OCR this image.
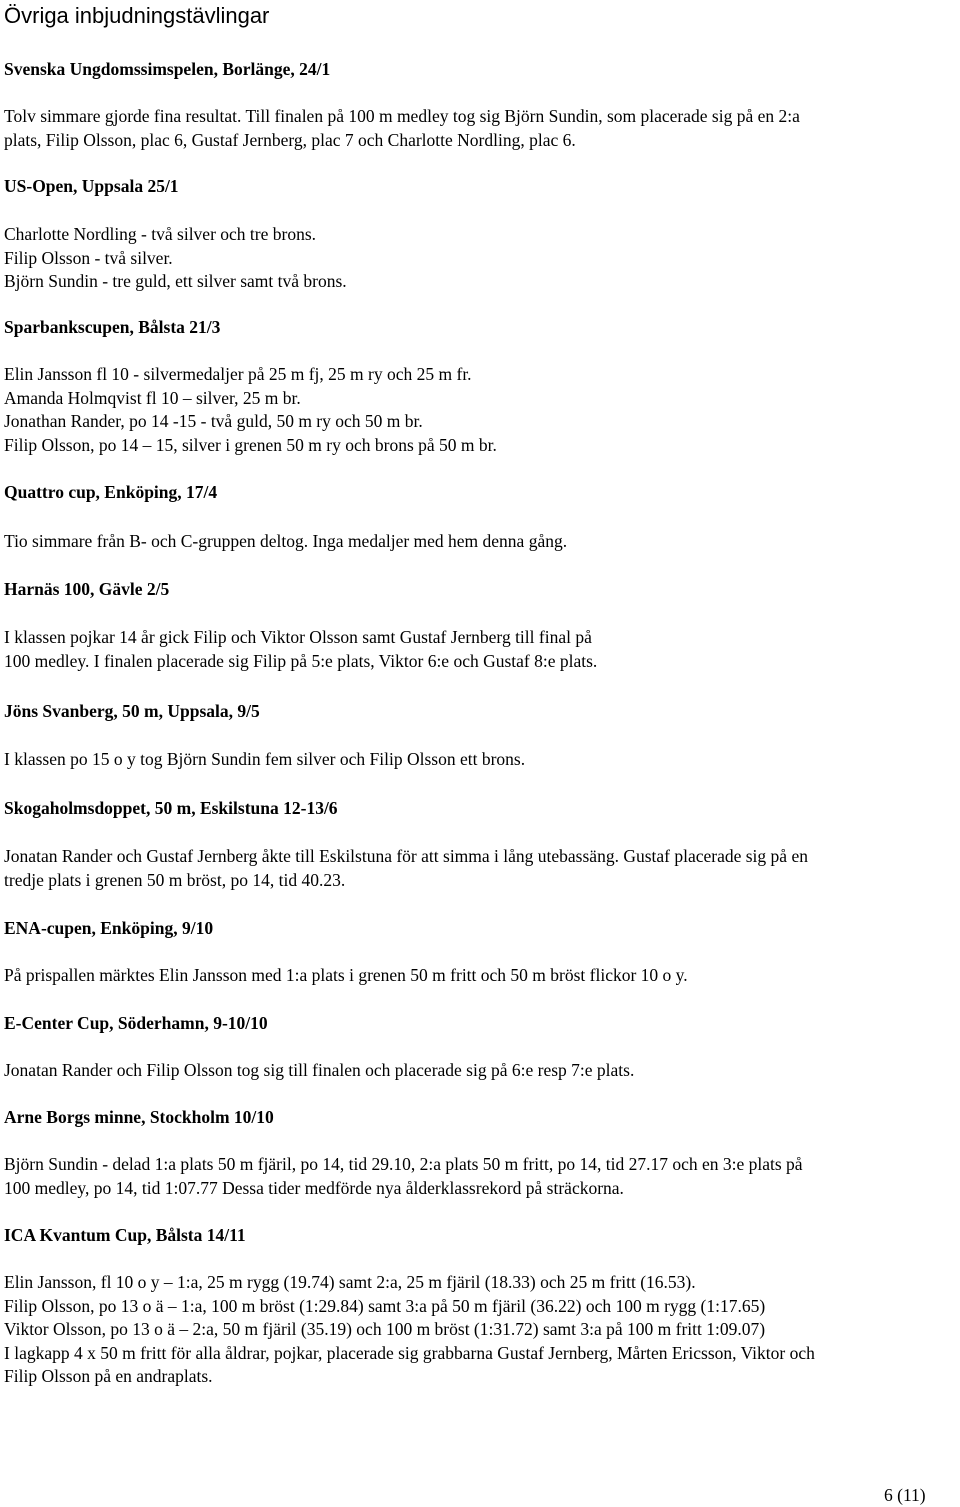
Övriga inbjudningstävlingar
Svenska Ungdomssimspelen, Borlänge, 24/1

Tolv simmare gjorde fina resultat. Till finalen på 100 m medley tog sig Björn Sundin, som placerade sig på en 2:a
plats, Filip Olsson, plac 6, Gustaf Jernberg, plac 7 och Charlotte Nordling, plac 6.

US-Open, Uppsala 25/1

Charlotte Nordling - två silver och tre brons.
Filip Olsson - två silver.
Björn Sundin - tre guld, ett silver samt två brons.

Sparbankscupen, Bålsta 21/3

Elin Jansson fl 10 - silvermedaljer på 25 m fj, 25 m ry och 25 m fr.
Amanda Holmqvist fl 10 – silver, 25 m br.
Jonathan Rander, po 14 -15 - två guld, 50 m ry och 50 m br.
Filip Olsson, po 14 – 15, silver i grenen 50 m ry och brons på 50 m br.

Quattro cup, Enköping, 17/4

Tio simmare från B- och C-gruppen deltog. Inga medaljer med hem denna gång.

Harnäs 100, Gävle 2/5

I klassen pojkar 14 år gick Filip och Viktor Olsson samt Gustaf Jernberg till final på
100 medley. I finalen placerade sig Filip på 5:e plats, Viktor 6:e och Gustaf 8:e plats.

Jöns Svanberg, 50 m, Uppsala, 9/5

I klassen po 15 o y tog Björn Sundin fem silver och Filip Olsson ett brons.

Skogaholmsdoppet, 50 m, Eskilstuna 12-13/6

Jonatan Rander och Gustaf Jernberg åkte till Eskilstuna för att simma i lång utebassäng. Gustaf placerade sig på en
tredje plats i grenen 50 m bröst, po 14, tid 40.23.

ENA-cupen, Enköping, 9/10

På prispallen märktes Elin Jansson med 1:a plats i grenen 50 m fritt och 50 m bröst flickor 10 o y.

E-Center Cup, Söderhamn, 9-10/10

Jonatan Rander och Filip Olsson tog sig till finalen och placerade sig på 6:e resp 7:e plats.

Arne Borgs minne, Stockholm 10/10

Björn Sundin - delad 1:a plats 50 m fjäril, po 14, tid 29.10, 2:a plats 50 m fritt, po 14, tid 27.17 och en 3:e plats på
100 medley, po 14, tid 1:07.77 Dessa tider medförde nya ålderklassrekord på sträckorna.

ICA Kvantum Cup, Bålsta 14/11

Elin Jansson, fl 10 o y – 1:a, 25 m rygg (19.74) samt 2:a, 25 m fjäril (18.33) och 25 m fritt (16.53).
Filip Olsson, po 13 o ä – 1:a, 100 m bröst (1:29.84) samt 3:a på 50 m fjäril (36.22) och 100 m rygg (1:17.65)
Viktor Olsson, po 13 o ä – 2:a, 50 m fjäril (35.19) och 100 m bröst (1:31.72) samt 3:a på 100 m fritt 1:09.07)
I lagkapp 4 x 50 m fritt för alla åldrar, pojkar, placerade sig grabbarna Gustaf Jernberg, Mårten Ericsson, Viktor och
Filip Olsson på en andraplats.

6 (11)
